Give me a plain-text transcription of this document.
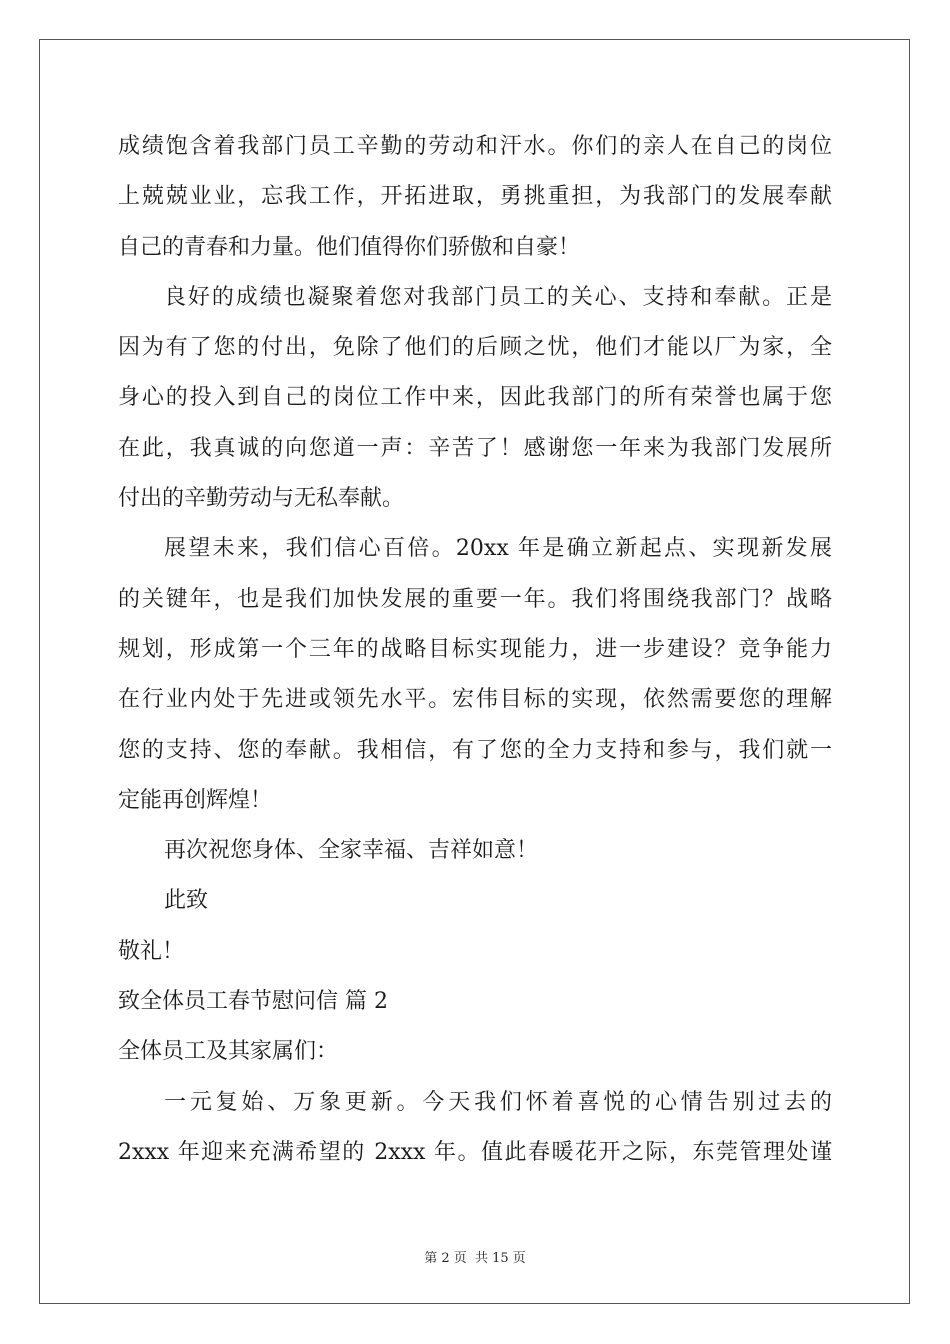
成绩饱含着我部门员工辛勤的劳动和汗水。你们的亲人在自己的岗位
上兢兢业业，忘我工作，开拓进取，勇挑重担，为我部门的发展奉献
自己的青春和力量。他们值得你们骄傲和自豪！
良好的成绩也凝聚着您对我部门员工的关心、支持和奉献。正是
因为有了您的付出，免除了他们的后顾之忧，他们才能以厂为家，全
身心的投入到自己的岗位工作中来，因此我部门的所有荣誉也属于您
在此，我真诚的向您道一声：辛苦了！感谢您一年来为我部门发展所
付出的辛勤劳动与无私奉献。
展望未来，我们信心百倍。20xx 年是确立新起点、实现新发展
的关键年，也是我们加快发展的重要一年。我们将围绕我部门？战略
规划，形成第一个三年的战略目标实现能力，进一步建设？竞争能力
在行业内处于先进或领先水平。宏伟目标的实现，依然需要您的理解
您的支持、您的奉献。我相信，有了您的全力支持和参与，我们就一
定能再创辉煌！
再次祝您身体、全家幸福、吉祥如意！
此致
敬礼！
致全体员工春节慰问信 篇 2
全体员工及其家属们：
一元复始、万象更新。今天我们怀着喜悦的心情告别过去的
2xxx 年迎来充满希望的 2xxx 年。值此春暖花开之际，东莞管理处谨
第 2 页 共 15 页
